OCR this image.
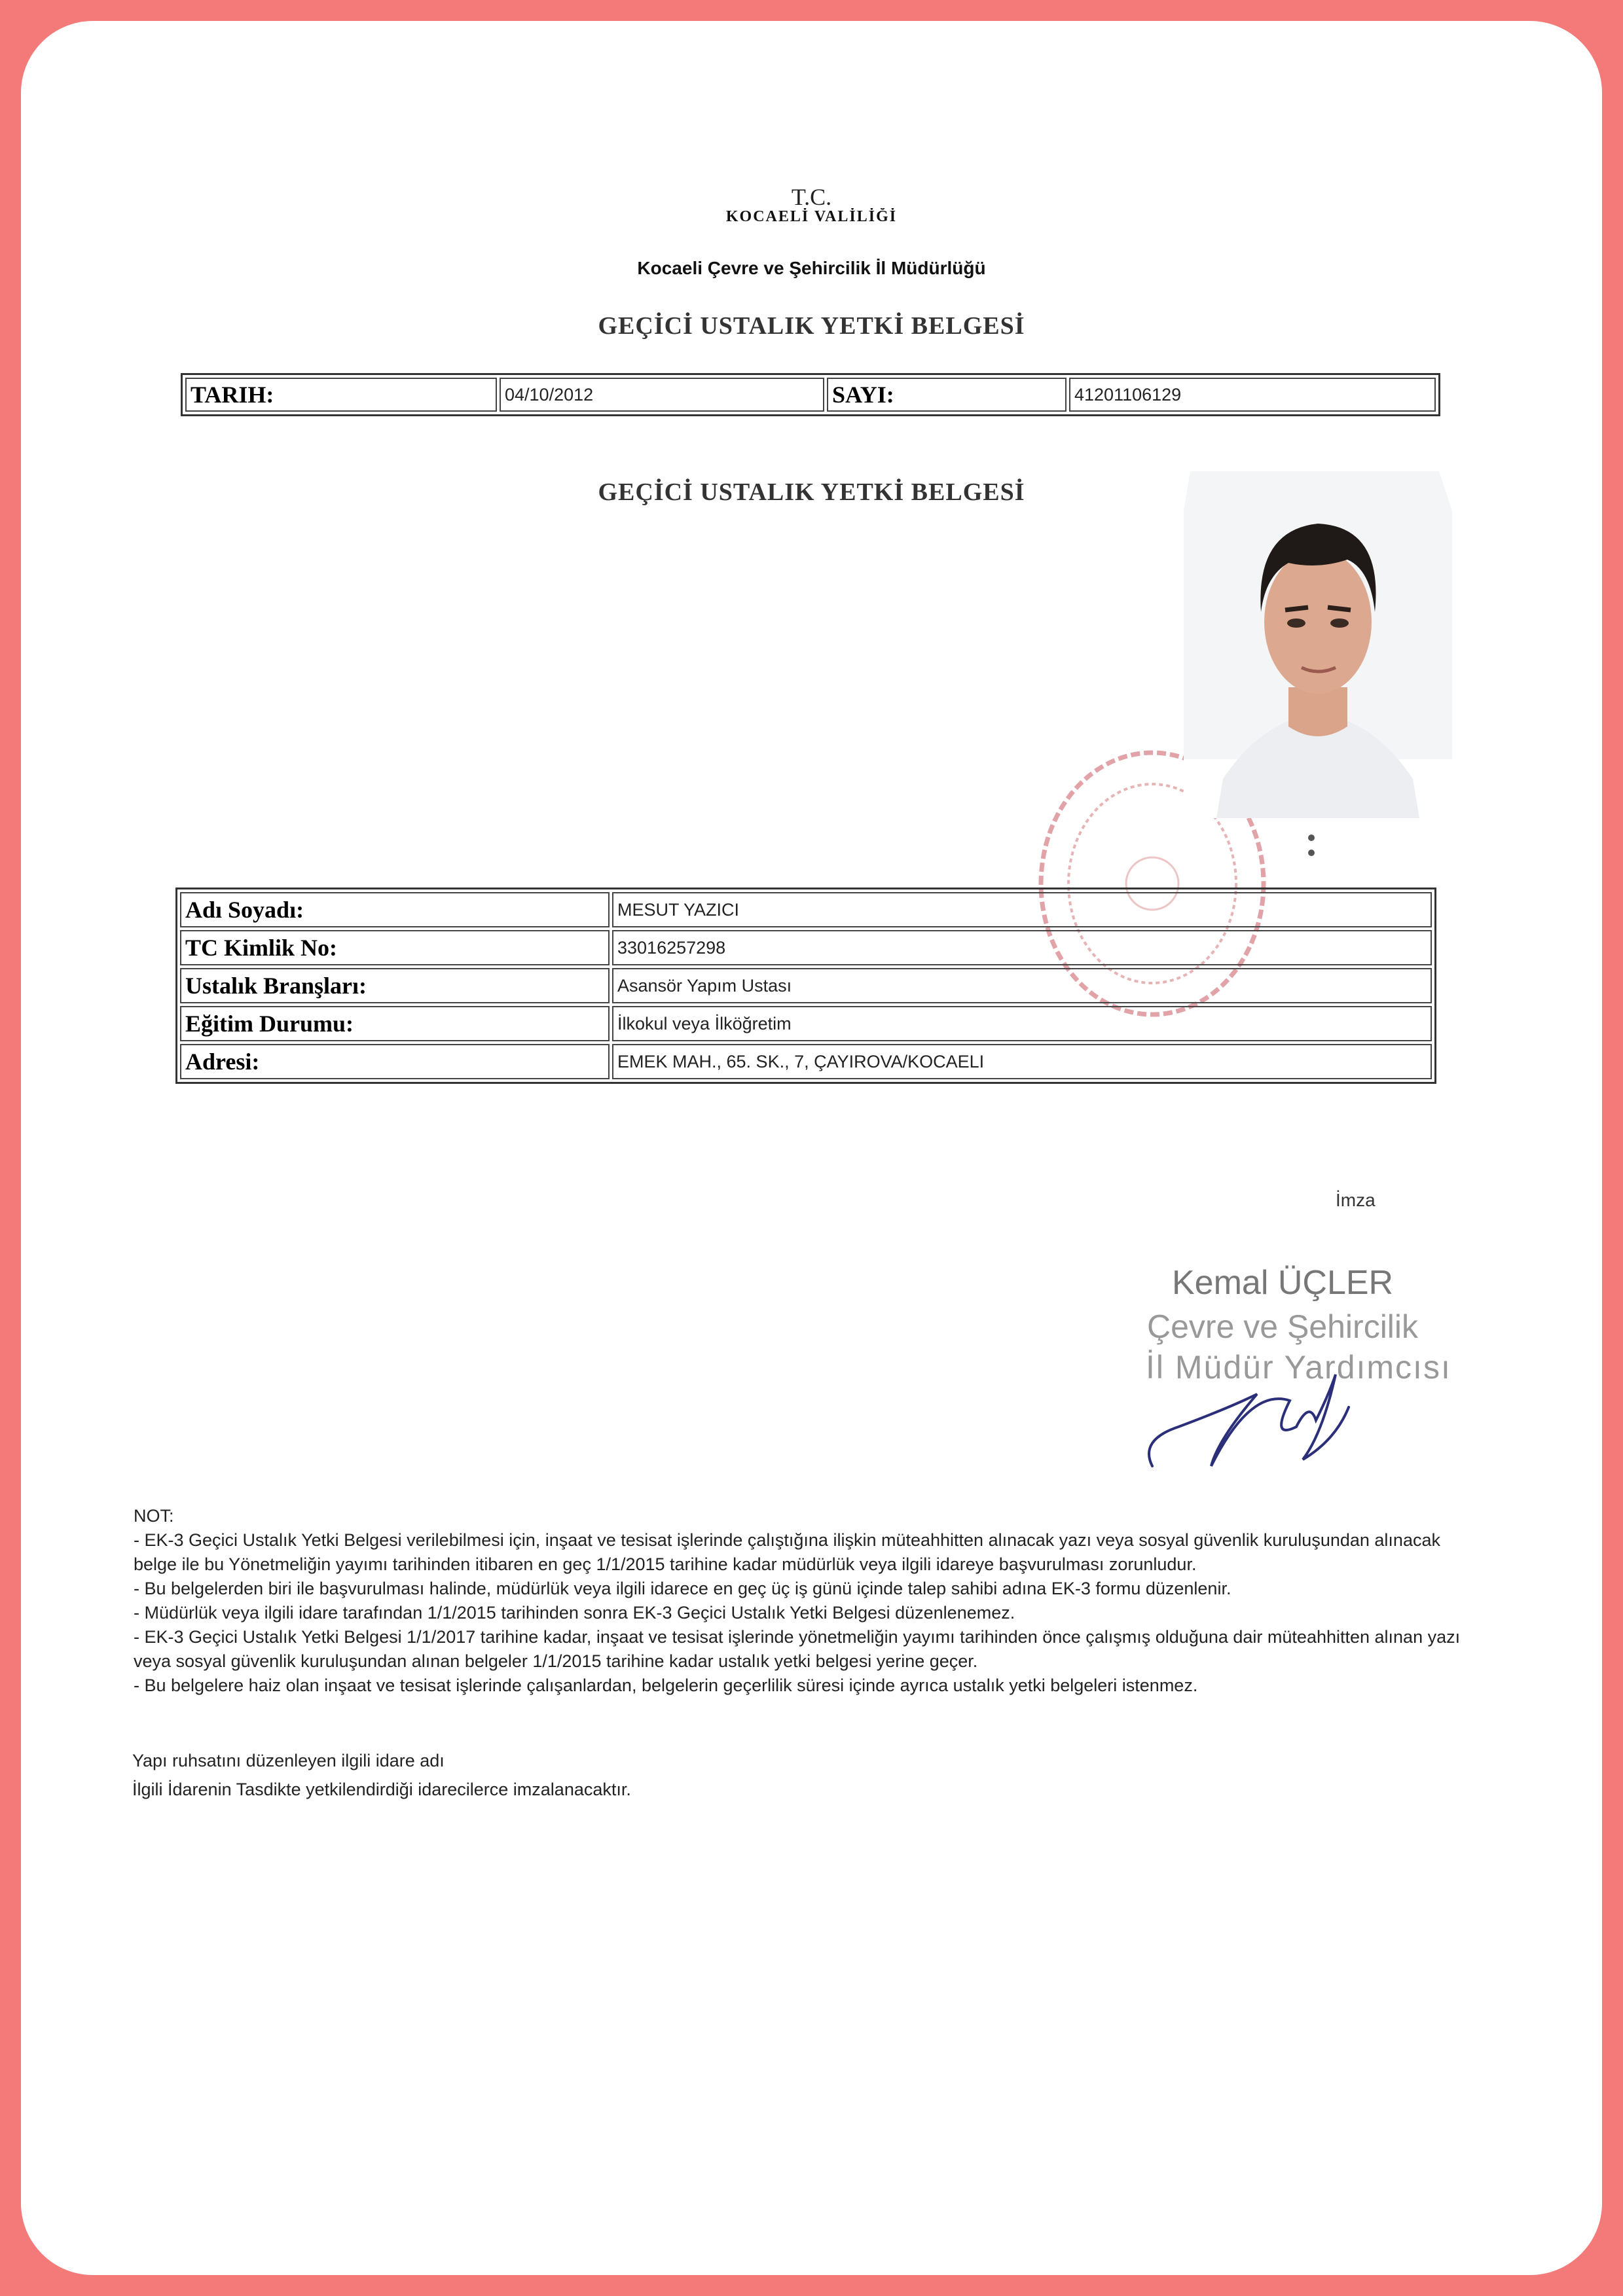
T.C.
KOCAELİ VALİLİĞİ
Kocaeli Çevre ve Şehircilik İl Müdürlüğü
GEÇİCİ USTALIK YETKİ BELGESİ
TARIH:	04/10/2012	SAYI:	41201106129
GEÇİCİ USTALIK YETKİ BELGESİ
Adı Soyadı:	MESUT YAZICI
TC Kimlik No:	33016257298
Ustalık Branşları:	Asansör Yapım Ustası
Eğitim Durumu:	İlkokul veya İlköğretim
Adresi:	EMEK MAH., 65. SK., 7, ÇAYIROVA/KOCAELI
İmza
Kemal ÜÇLER
Çevre ve Şehircilik
İl Müdür Yardımcısı
NOT:
- EK-3 Geçici Ustalık Yetki Belgesi verilebilmesi için, inşaat ve tesisat işlerinde çalıştığına ilişkin müteahhitten alınacak yazı veya sosyal güvenlik kuruluşundan alınacak
belge ile bu Yönetmeliğin yayımı tarihinden itibaren en geç 1/1/2015 tarihine kadar müdürlük veya ilgili idareye başvurulması zorunludur.
- Bu belgelerden biri ile başvurulması halinde, müdürlük veya ilgili idarece en geç üç iş günü içinde talep sahibi adına EK-3 formu düzenlenir.
- Müdürlük veya ilgili idare tarafından 1/1/2015 tarihinden sonra EK-3 Geçici Ustalık Yetki Belgesi düzenlenemez.
- EK-3 Geçici Ustalık Yetki Belgesi 1/1/2017 tarihine kadar, inşaat ve tesisat işlerinde yönetmeliğin yayımı tarihinden önce çalışmış olduğuna dair müteahhitten alınan yazı
veya sosyal güvenlik kuruluşundan alınan belgeler 1/1/2015 tarihine kadar ustalık yetki belgesi yerine geçer.
- Bu belgelere haiz olan inşaat ve tesisat işlerinde çalışanlardan, belgelerin geçerlilik süresi içinde ayrıca ustalık yetki belgeleri istenmez.
Yapı ruhsatını düzenleyen ilgili idare adı
İlgili İdarenin Tasdikte yetkilendirdiği idarecilerce imzalanacaktır.
